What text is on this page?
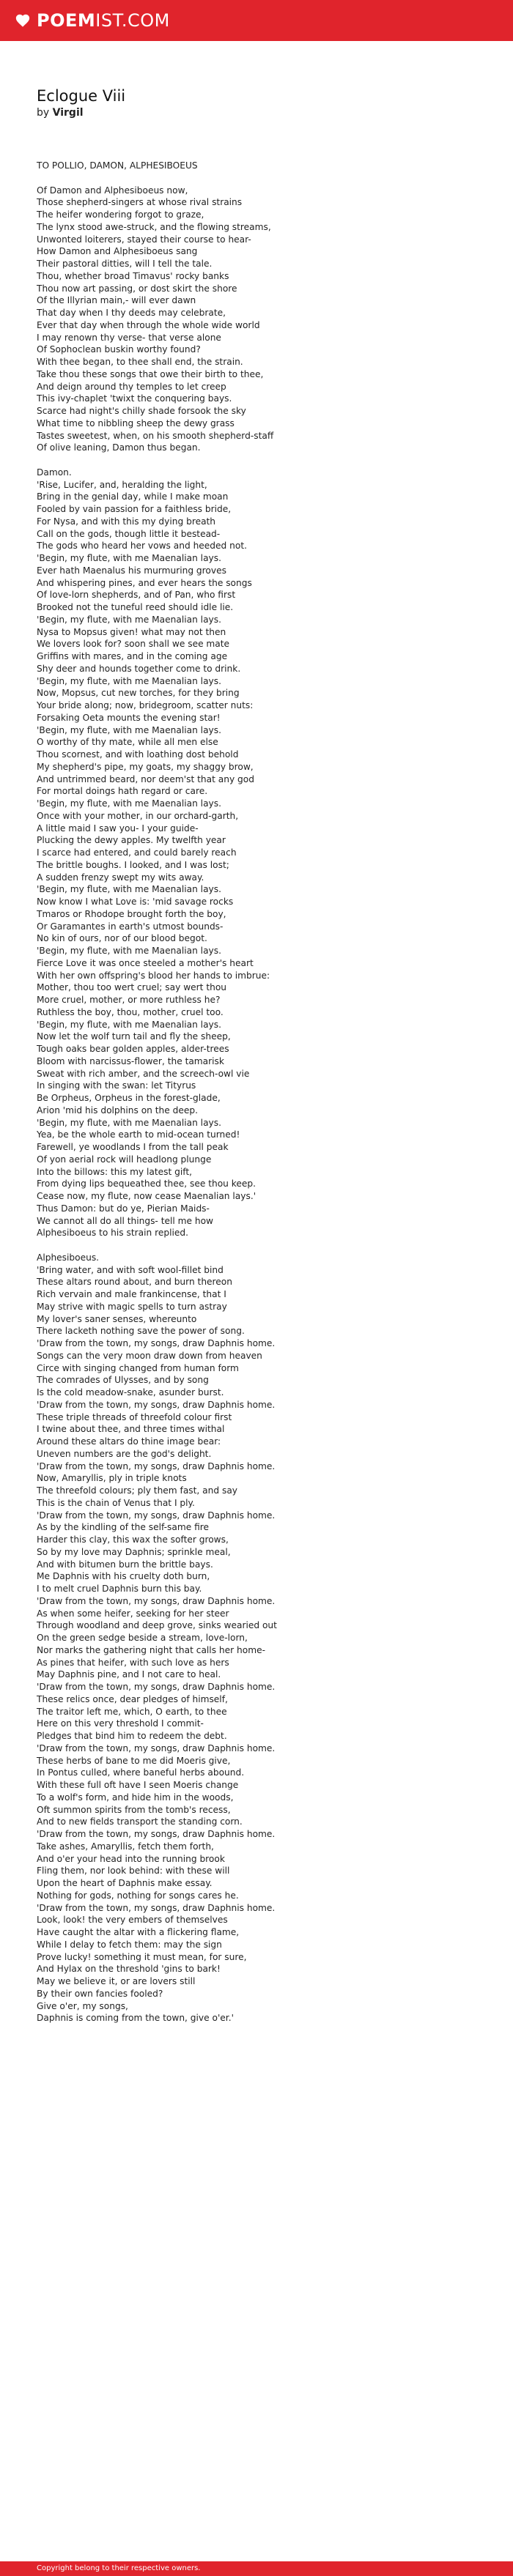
POEMIST.COM
Eclogue Viii
by Virgil
TO POLLIO, DAMON, ALPHESIBOEUS
Of Damon and Alphesiboeus now,
Those shepherd-singers at whose rival strains
The heifer wondering forgot to graze,
The lynx stood awe-struck, and the flowing streams,
Unwonted loiterers, stayed their course to hear-
How Damon and Alphesiboeus sang
Their pastoral ditties, will I tell the tale.
Thou, whether broad Timavus' rocky banks
Thou now art passing, or dost skirt the shore
Of the Illyrian main,- will ever dawn
That day when I thy deeds may celebrate,
Ever that day when through the whole wide world
I may renown thy verse- that verse alone
Of Sophoclean buskin worthy found?
With thee began, to thee shall end, the strain.
Take thou these songs that owe their birth to thee,
And deign around thy temples to let creep
This ivy-chaplet 'twixt the conquering bays.
Scarce had night's chilly shade forsook the sky
What time to nibbling sheep the dewy grass
Tastes sweetest, when, on his smooth shepherd-staff
Of olive leaning, Damon thus began.
Damon.
'Rise, Lucifer, and, heralding the light,
Bring in the genial day, while I make moan
Fooled by vain passion for a faithless bride,
For Nysa, and with this my dying breath
Call on the gods, though little it bestead-
The gods who heard her vows and heeded not.
'Begin, my flute, with me Maenalian lays.
Ever hath Maenalus his murmuring groves
And whispering pines, and ever hears the songs
Of love-lorn shepherds, and of Pan, who first
Brooked not the tuneful reed should idle lie.
'Begin, my flute, with me Maenalian lays.
Nysa to Mopsus given! what may not then
We lovers look for? soon shall we see mate
Griffins with mares, and in the coming age
Shy deer and hounds together come to drink.
'Begin, my flute, with me Maenalian lays.
Now, Mopsus, cut new torches, for they bring
Your bride along; now, bridegroom, scatter nuts:
Forsaking Oeta mounts the evening star!
'Begin, my flute, with me Maenalian lays.
O worthy of thy mate, while all men else
Thou scornest, and with loathing dost behold
My shepherd's pipe, my goats, my shaggy brow,
And untrimmed beard, nor deem'st that any god
For mortal doings hath regard or care.
'Begin, my flute, with me Maenalian lays.
Once with your mother, in our orchard-garth,
A little maid I saw you- I your guide-
Plucking the dewy apples. My twelfth year
I scarce had entered, and could barely reach
The brittle boughs. I looked, and I was lost;
A sudden frenzy swept my wits away.
'Begin, my flute, with me Maenalian lays.
Now know I what Love is: 'mid savage rocks
Tmaros or Rhodope brought forth the boy,
Or Garamantes in earth's utmost bounds-
No kin of ours, nor of our blood begot.
'Begin, my flute, with me Maenalian lays.
Fierce Love it was once steeled a mother's heart
With her own offspring's blood her hands to imbrue:
Mother, thou too wert cruel; say wert thou
More cruel, mother, or more ruthless he?
Ruthless the boy, thou, mother, cruel too.
'Begin, my flute, with me Maenalian lays.
Now let the wolf turn tail and fly the sheep,
Tough oaks bear golden apples, alder-trees
Bloom with narcissus-flower, the tamarisk
Sweat with rich amber, and the screech-owl vie
In singing with the swan: let Tityrus
Be Orpheus, Orpheus in the forest-glade,
Arion 'mid his dolphins on the deep.
'Begin, my flute, with me Maenalian lays.
Yea, be the whole earth to mid-ocean turned!
Farewell, ye woodlands I from the tall peak
Of yon aerial rock will headlong plunge
Into the billows: this my latest gift,
From dying lips bequeathed thee, see thou keep.
Cease now, my flute, now cease Maenalian lays.'
Thus Damon: but do ye, Pierian Maids-
We cannot all do all things- tell me how
Alphesiboeus to his strain replied.
Alphesiboeus.
'Bring water, and with soft wool-fillet bind
These altars round about, and burn thereon
Rich vervain and male frankincense, that I
May strive with magic spells to turn astray
My lover's saner senses, whereunto
There lacketh nothing save the power of song.
'Draw from the town, my songs, draw Daphnis home.
Songs can the very moon draw down from heaven
Circe with singing changed from human form
The comrades of Ulysses, and by song
Is the cold meadow-snake, asunder burst.
'Draw from the town, my songs, draw Daphnis home.
These triple threads of threefold colour first
I twine about thee, and three times withal
Around these altars do thine image bear:
Uneven numbers are the god's delight.
'Draw from the town, my songs, draw Daphnis home.
Now, Amaryllis, ply in triple knots
The threefold colours; ply them fast, and say
This is the chain of Venus that I ply.
'Draw from the town, my songs, draw Daphnis home.
As by the kindling of the self-same fire
Harder this clay, this wax the softer grows,
So by my love may Daphnis; sprinkle meal,
And with bitumen burn the brittle bays.
Me Daphnis with his cruelty doth burn,
I to melt cruel Daphnis burn this bay.
'Draw from the town, my songs, draw Daphnis home.
As when some heifer, seeking for her steer
Through woodland and deep grove, sinks wearied out
On the green sedge beside a stream, love-lorn,
Nor marks the gathering night that calls her home-
As pines that heifer, with such love as hers
May Daphnis pine, and I not care to heal.
'Draw from the town, my songs, draw Daphnis home.
These relics once, dear pledges of himself,
The traitor left me, which, O earth, to thee
Here on this very threshold I commit-
Pledges that bind him to redeem the debt.
'Draw from the town, my songs, draw Daphnis home.
These herbs of bane to me did Moeris give,
In Pontus culled, where baneful herbs abound.
With these full oft have I seen Moeris change
To a wolf's form, and hide him in the woods,
Oft summon spirits from the tomb's recess,
And to new fields transport the standing corn.
'Draw from the town, my songs, draw Daphnis home.
Take ashes, Amaryllis, fetch them forth,
And o'er your head into the running brook
Fling them, nor look behind: with these will
Upon the heart of Daphnis make essay.
Nothing for gods, nothing for songs cares he.
'Draw from the town, my songs, draw Daphnis home.
Look, look! the very embers of themselves
Have caught the altar with a flickering flame,
While I delay to fetch them: may the sign
Prove lucky! something it must mean, for sure,
And Hylax on the threshold 'gins to bark!
May we believe it, or are lovers still
By their own fancies fooled?
Give o'er, my songs,
Daphnis is coming from the town, give o'er.'
Copyright belong to their respective owners.
